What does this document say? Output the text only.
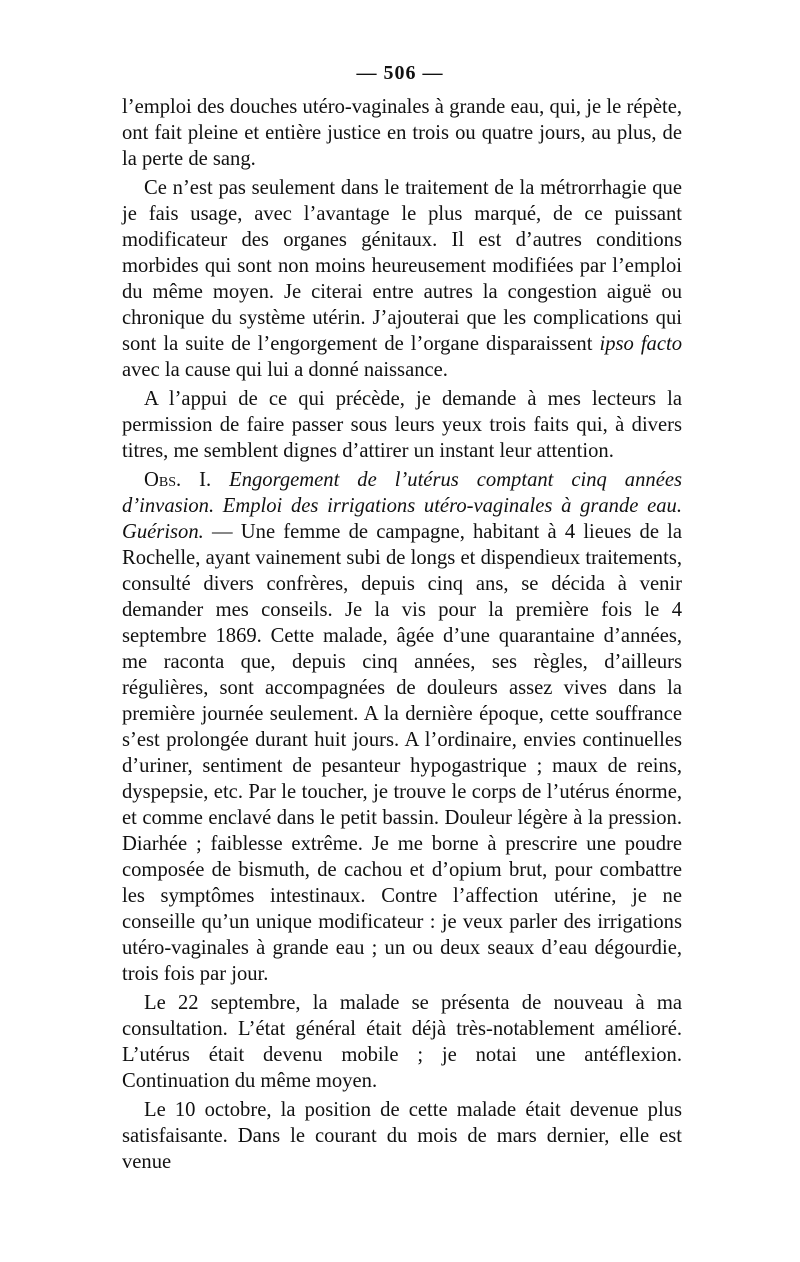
— 506 —

l’emploi des douches utéro-vaginales à grande eau, qui, je le répète, ont fait pleine et entière justice en trois ou quatre jours, au plus, de la perte de sang.

Ce n’est pas seulement dans le traitement de la métrorrhagie que je fais usage, avec l’avantage le plus marqué, de ce puissant modificateur des organes génitaux. Il est d’autres conditions morbides qui sont non moins heureusement modifiées par l’emploi du même moyen. Je citerai entre autres la congestion aiguë ou chronique du système utérin. J’ajouterai que les complications qui sont la suite de l’engorgement de l’organe disparaissent ipso facto avec la cause qui lui a donné naissance.

A l’appui de ce qui précède, je demande à mes lecteurs la permission de faire passer sous leurs yeux trois faits qui, à divers titres, me semblent dignes d’attirer un instant leur attention.

Obs. I. Engorgement de l’utérus comptant cinq années d’invasion. Emploi des irrigations utéro-vaginales à grande eau. Guérison. — Une femme de campagne, habitant à 4 lieues de la Rochelle, ayant vainement subi de longs et dispendieux traitements, consulté divers confrères, depuis cinq ans, se décida à venir demander mes conseils. Je la vis pour la première fois le 4 septembre 1869. Cette malade, âgée d’une quarantaine d’années, me raconta que, depuis cinq années, ses règles, d’ailleurs régulières, sont accompagnées de douleurs assez vives dans la première journée seulement. A la dernière époque, cette souffrance s’est prolongée durant huit jours. A l’ordinaire, envies continuelles d’uriner, sentiment de pesanteur hypogastrique ; maux de reins, dyspepsie, etc. Par le toucher, je trouve le corps de l’utérus énorme, et comme enclavé dans le petit bassin. Douleur légère à la pression. Diarhée ; faiblesse extrême. Je me borne à prescrire une poudre composée de bismuth, de cachou et d’opium brut, pour combattre les symptômes intestinaux. Contre l’affection utérine, je ne conseille qu’un unique modificateur : je veux parler des irrigations utéro-vaginales à grande eau ; un ou deux seaux d’eau dégourdie, trois fois par jour.

Le 22 septembre, la malade se présenta de nouveau à ma consultation. L’état général était déjà très-notablement amélioré. L’utérus était devenu mobile ; je notai une antéflexion. Continuation du même moyen.

Le 10 octobre, la position de cette malade était devenue plus satisfaisante. Dans le courant du mois de mars dernier, elle est venue
